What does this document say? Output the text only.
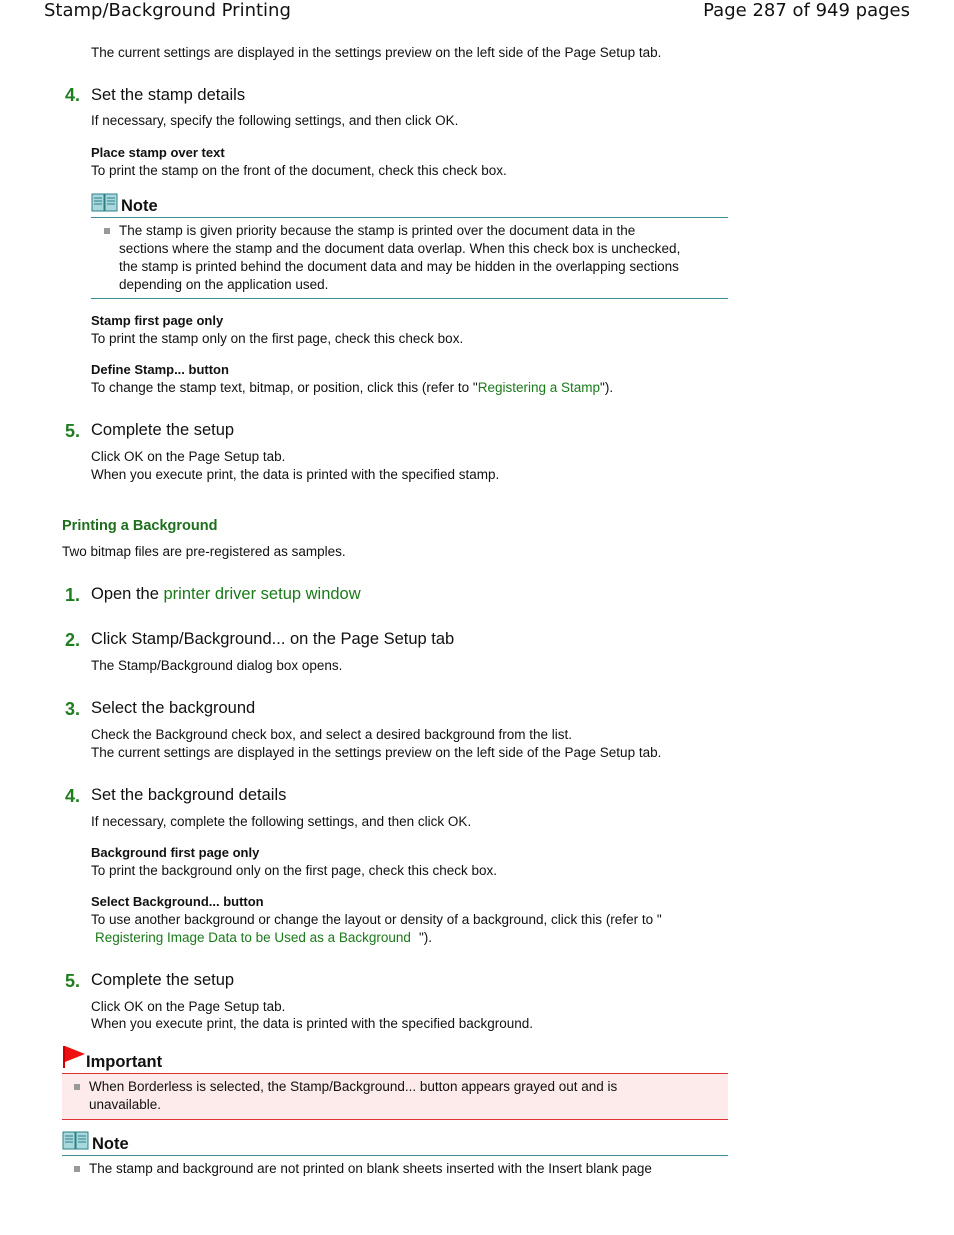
Stamp/Background Printing	Page 287 of 949 pages
The current settings are displayed in the settings preview on the left side of the Page Setup tab.
4. Set the stamp details
If necessary, specify the following settings, and then click OK.
Place stamp over text
To print the stamp on the front of the document, check this check box.
Note
The stamp is given priority because the stamp is printed over the document data in the
sections where the stamp and the document data overlap. When this check box is unchecked,
the stamp is printed behind the document data and may be hidden in the overlapping sections
depending on the application used.
Stamp first page only
To print the stamp only on the first page, check this check box.
Define Stamp... button
To change the stamp text, bitmap, or position, click this (refer to "Registering a Stamp").
5. Complete the setup
Click OK on the Page Setup tab.
When you execute print, the data is printed with the specified stamp.
Printing a Background
Two bitmap files are pre-registered as samples.
1. Open the printer driver setup window
2. Click Stamp/Background... on the Page Setup tab
The Stamp/Background dialog box opens.
3. Select the background
Check the Background check box, and select a desired background from the list.
The current settings are displayed in the settings preview on the left side of the Page Setup tab.
4. Set the background details
If necessary, complete the following settings, and then click OK.
Background first page only
To print the background only on the first page, check this check box.
Select Background... button
To use another background or change the layout or density of a background, click this (refer to "
Registering Image Data to be Used as a Background ").
5. Complete the setup
Click OK on the Page Setup tab.
When you execute print, the data is printed with the specified background.
Important
When Borderless is selected, the Stamp/Background... button appears grayed out and is
unavailable.
Note
The stamp and background are not printed on blank sheets inserted with the Insert blank page
